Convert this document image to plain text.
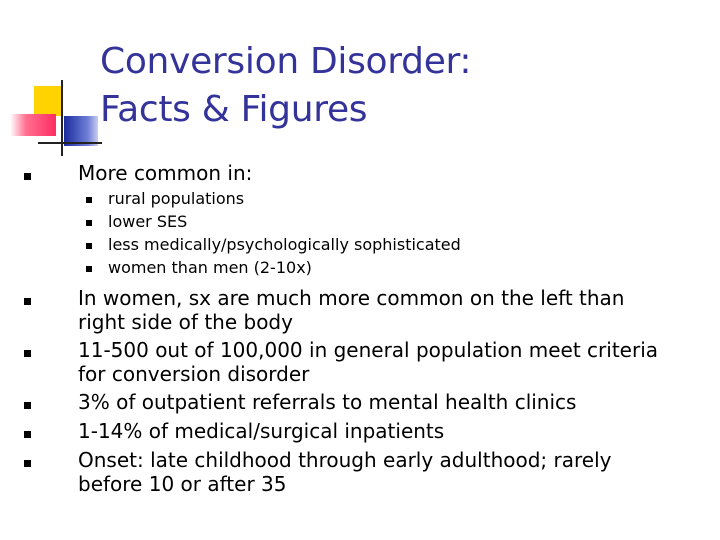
Conversion Disorder:
Facts & Figures
More common in:
rural populations
lower SES
less medically/psychologically sophisticated
women than men (2-10x)
In women, sx are much more common on the left than
right side of the body
11-500 out of 100,000 in general population meet criteria
for conversion disorder
3% of outpatient referrals to mental health clinics
1-14% of medical/surgical inpatients
Onset: late childhood through early adulthood; rarely
before 10 or after 35
